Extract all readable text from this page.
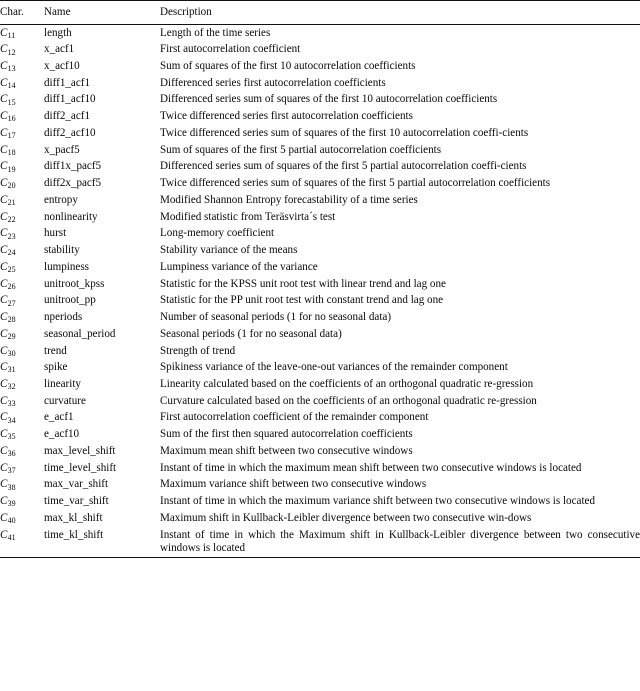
Char.	Name	Description

$C_{11}$	length	Length of the time series

$C_{12}$	x_acf1	First autocorrelation coefficient

$C_{13}$	x_acf10	Sum of squares of the first 10 autocorrelation coefficients

$C_{14}$	diff1_acf1	Differenced series first autocorrelation coefficients

$C_{15}$	diff1_acf10	Differenced series sum of squares of the first 10 autocorrelation coefficients

$C_{16}$	diff2_acf1	Twice differenced series first autocorrelation coefficients

$C_{17}$	diff2_acf10	Twice differenced series sum of squares of the first 10 autocorrelation coeffi-cients

$C_{18}$	x_pacf5	Sum of squares of the first 5 partial autocorrelation coefficients

$C_{19}$	diff1x_pacf5	Differenced series sum of squares of the first 5 partial autocorrelation coeffi-cients

$C_{20}$	diff2x_pacf5	Twice differenced series sum of squares of the first 5 partial autocorrelation coefficients

$C_{21}$	entropy	Modified Shannon Entropy forecastability of a time series

$C_{22}$	nonlinearity	Modified statistic from Teräsvirta´s test

$C_{23}$	hurst	Long-memory coefficient

$C_{24}$	stability	Stability variance of the means

$C_{25}$	lumpiness	Lumpiness variance of the variance

$C_{26}$	unitroot_kpss	Statistic for the KPSS unit root test with linear trend and lag one

$C_{27}$	unitroot_pp	Statistic for the PP unit root test with constant trend and lag one

$C_{28}$	nperiods	Number of seasonal periods (1 for no seasonal data)

$C_{29}$	seasonal_period	Seasonal periods (1 for no seasonal data)

$C_{30}$	trend	Strength of trend

$C_{31}$	spike	Spikiness variance of the leave-one-out variances of the remainder component

$C_{32}$	linearity	Linearity calculated based on the coefficients of an orthogonal quadratic re-gression

$C_{33}$	curvature	Curvature calculated based on the coefficients of an orthogonal quadratic re-gression

$C_{34}$	e_acf1	First autocorrelation coefficient of the remainder component

$C_{35}$	e_acf10	Sum of the first then squared autocorrelation coefficients

$C_{36}$	max_level_shift	Maximum mean shift between two consecutive windows

$C_{37}$	time_level_shift	Instant of time in which the maximum mean shift between two consecutive windows is located

$C_{38}$	max_var_shift	Maximum variance shift between two consecutive windows

$C_{39}$	time_var_shift	Instant of time in which the maximum variance shift between two consecutive windows is located

$C_{40}$	max_kl_shift	Maximum shift in Kullback-Leibler divergence between two consecutive win-dows

$C_{41}$	time_kl_shift	Instant of time in which the Maximum shift in Kullback-Leibler divergence between two consecutive windows is located
